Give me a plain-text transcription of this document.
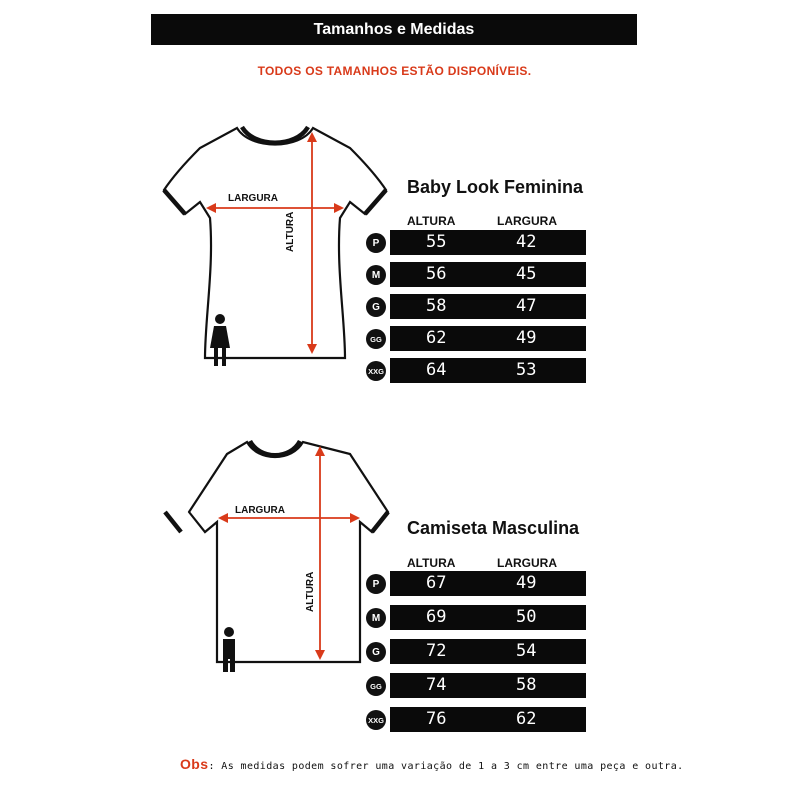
Tamanhos e Medidas
TODOS OS TAMANHOS ESTÃO DISPONÍVEIS.
LARGURA
ALTURA
Baby Look Feminina
ALTURA	LARGURA
P	55	42
M	56	45
G	58	47
GG	62	49
XXG 64	53
LARGURA
ALTURA
Camiseta Masculina
ALTURA	LARGURA
P	67	49
M	69	50
G	72	54
GG	74	58
XXG 76	62
Obs: As medidas podem sofrer uma variação de 1 a 3 cm entre uma peça e outra.
